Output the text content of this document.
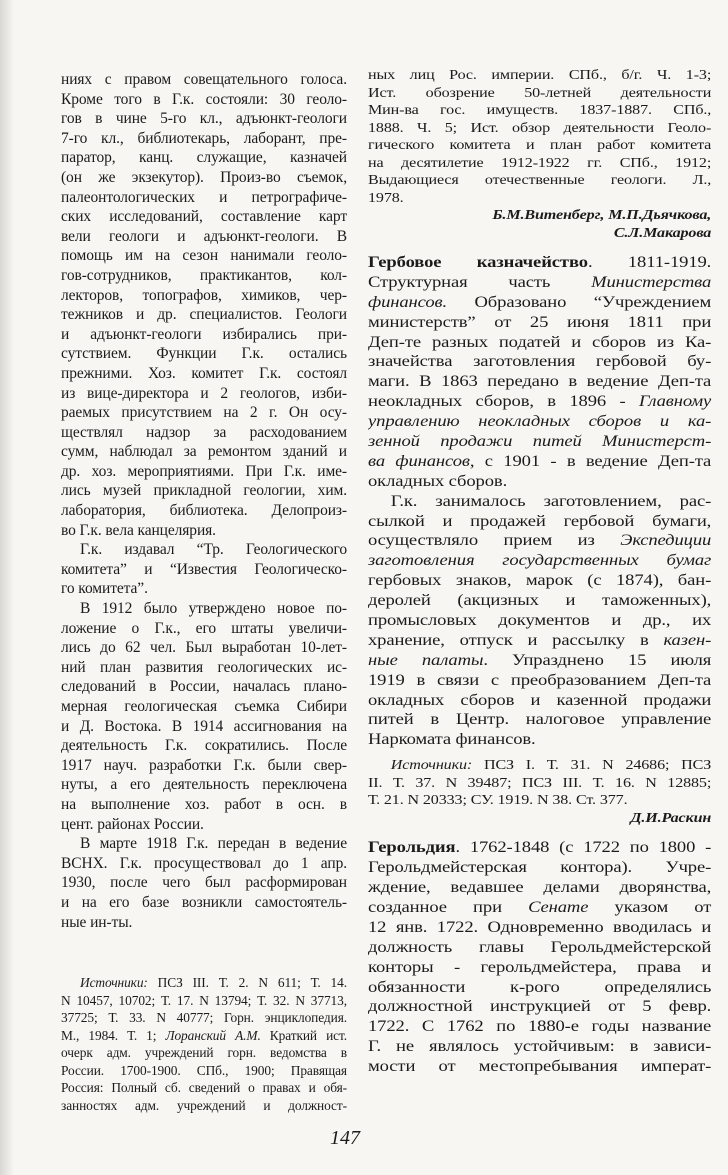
ниях с правом совещательного голоса.
Кроме того в Г.к. состояли: 30 геоло-
гов в чине 5-го кл., адъюнкт-геологи
7-го кл., библиотекарь, лаборант, пре-
паратор, канц. служащие, казначей
(он же экзекутор). Произ-во съемок,
палеонтологических и петрографиче-
ских исследований, составление карт
вели геологи и адъюнкт-геологи. В
помощь им на сезон нанимали геоло-
гов-сотрудников, практикантов, кол-
лекторов, топографов, химиков, чер-
тежников и др. специалистов. Геологи
и адъюнкт-геологи избирались при-
сутствием. Функции Г.к. остались
прежними. Хоз. комитет Г.к. состоял
из вице-директора и 2 геологов, изби-
раемых присутствием на 2 г. Он осу-
ществлял надзор за расходованием
сумм, наблюдал за ремонтом зданий и
др. хоз. мероприятиями. При Г.к. име-
лись музей прикладной геологии, хим.
лаборатория, библиотека. Делопроиз-
во Г.к. вела канцелярия.
Г.к. издавал “Тр. Геологического
комитета” и “Известия Геологическо-
го комитета”.
В 1912 было утверждено новое по-
ложение о Г.к., его штаты увеличи-
лись до 62 чел. Был выработан 10-лет-
ний план развития геологических ис-
следований в России, началась плано-
мерная геологическая съемка Сибири
и Д. Востока. В 1914 ассигнования на
деятельность Г.к. сократились. После
1917 науч. разработки Г.к. были свер-
нуты, а его деятельность переключена
на выполнение хоз. работ в осн. в
цент. районах России.
В марте 1918 Г.к. передан в ведение
ВСНХ. Г.к. просуществовал до 1 апр.
1930, после чего был расформирован
и на его базе возникли самостоятель-
ные ин-ты.
Источники: ПСЗ III. Т. 2. N 611; Т. 14.
N 10457, 10702; Т. 17. N 13794; Т. 32. N 37713,
37725; Т. 33. N 40777; Горн. энциклопедия.
М., 1984. Т. 1; Лоранский А.М. Краткий ист.
очерк адм. учреждений горн. ведомства в
России. 1700-1900. СПб., 1900; Правящая
Россия: Полный сб. сведений о правах и обя-
занностях адм. учреждений и должност-
ных лиц Рос. империи. СПб., б/г. Ч. 1-3;
Ист. обозрение 50-летней деятельности
Мин-ва гос. имуществ. 1837-1887. СПб.,
1888. Ч. 5; Ист. обзор деятельности Геоло-
гического комитета и план работ комитета
на десятилетие 1912-1922 гг. СПб., 1912;
Выдающиеся отечественные геологи. Л.,
1978.
Б.М.Витенберг, М.П.Дьячкова,
С.Л.Макарова
Гербовое казначейство. 1811-1919.
Структурная часть Министерства
финансов. Образовано “Учреждением
министерств” от 25 июня 1811 при
Деп-те разных податей и сборов из Ка-
значейства заготовления гербовой бу-
маги. В 1863 передано в ведение Деп-та
неокладных сборов, в 1896 - Главному
управлению неокладных сборов и ка-
зенной продажи питей Министерст-
ва финансов, с 1901 - в ведение Деп-та
окладных сборов.
Г.к. занималось заготовлением, рас-
сылкой и продажей гербовой бумаги,
осуществляло прием из Экспедиции
заготовления государственных бумаг
гербовых знаков, марок (с 1874), бан-
деролей (акцизных и таможенных),
промысловых документов и др., их
хранение, отпуск и рассылку в казен-
ные палаты. Упразднено 15 июля
1919 в связи с преобразованием Деп-та
окладных сборов и казенной продажи
питей в Центр. налоговое управление
Наркомата финансов.
Источники: ПСЗ I. Т. 31. N 24686; ПСЗ
II. Т. 37. N 39487; ПСЗ III. Т. 16. N 12885;
Т. 21. N 20333; СУ. 1919. N 38. Ст. 377.
Д.И.Раскин
Герольдия. 1762-1848 (с 1722 по 1800 -
Герольдмейстерская контора). Учре-
ждение, ведавшее делами дворянства,
созданное при Сенате указом от
12 янв. 1722. Одновременно вводилась и
должность главы Герольдмейстерской
конторы - герольдмейстера, права и
обязанности к-рого определялись
должностной инструкцией от 5 февр.
1722. С 1762 по 1880-е годы название
Г. не являлось устойчивым: в зависи-
мости от местопребывания императ-
147
